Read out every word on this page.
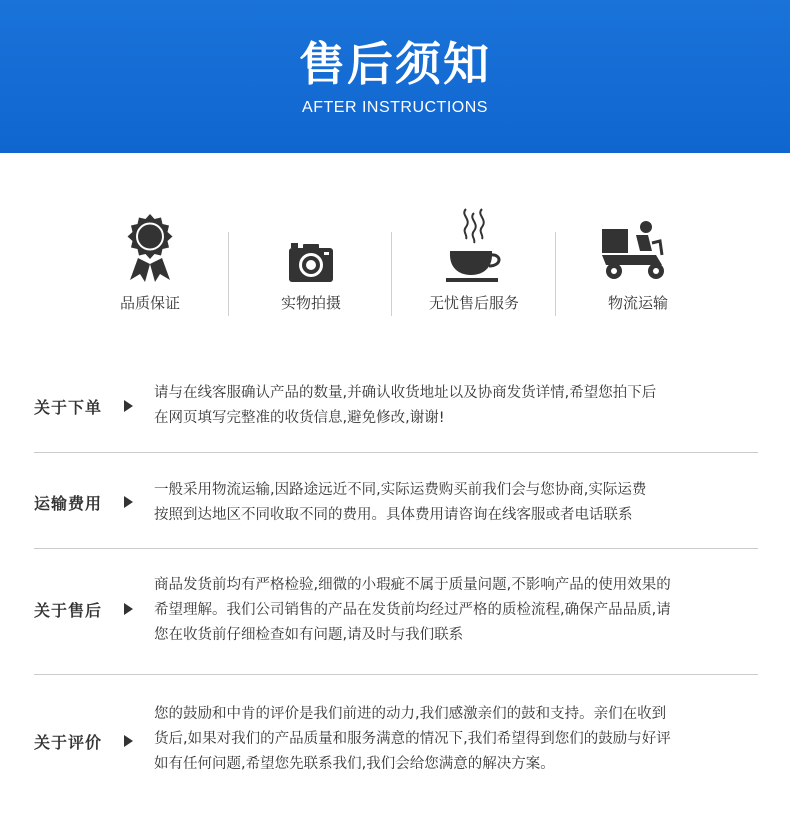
售后须知
AFTER INSTRUCTIONS
品质保证	实物拍摄	无忧售后服务	物流运输
关于下单
请与在线客服确认产品的数量,并确认收货地址以及协商发货详情,希望您拍下后
在网页填写完整准的收货信息,避免修改,谢谢!
运输费用
一般采用物流运输,因路途远近不同,实际运费购买前我们会与您协商,实际运费
按照到达地区不同收取不同的费用。具体费用请咨询在线客服或者电话联系
关于售后
商品发货前均有严格检验,细微的小瑕疵不属于质量问题,不影响产品的使用效果的
希望理解。我们公司销售的产品在发货前均经过严格的质检流程,确保产品品质,请
您在收货前仔细检查如有问题,请及时与我们联系
关于评价
您的鼓励和中肯的评价是我们前进的动力,我们感激亲们的鼓和支持。亲们在收到
货后,如果对我们的产品质量和服务满意的情况下,我们希望得到您们的鼓励与好评
如有任何问题,希望您先联系我们,我们会给您满意的解决方案。
